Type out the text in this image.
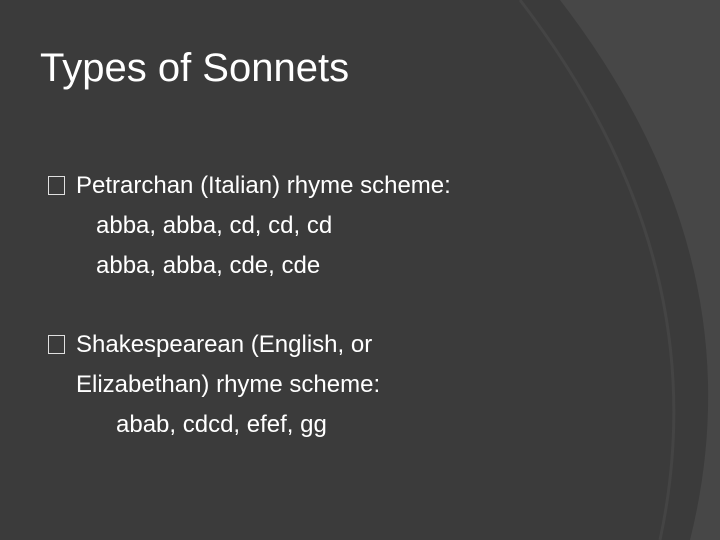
Types of Sonnets
Petrarchan (Italian) rhyme scheme:
abba, abba, cd, cd, cd
abba, abba, cde, cde
Shakespearean (English, or
Elizabethan) rhyme scheme:
abab, cdcd, efef, gg
